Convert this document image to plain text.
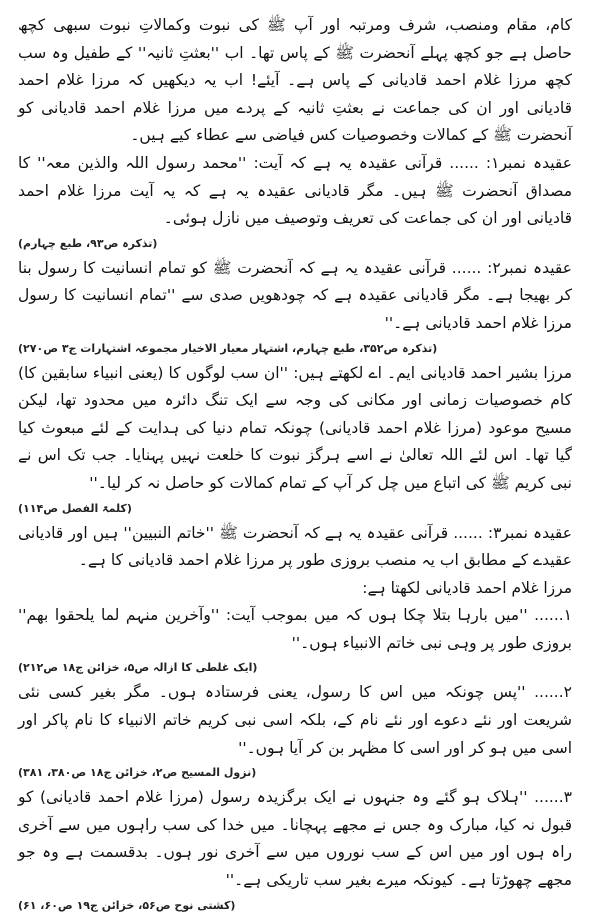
کام، مقام ومنصب، شرف ومرتبہ اور آپ ﷺ کی نبوت وکمالاتِ نبوت سبھی کچھ حاصل ہے جو کچھ پہلے آنحضرت ﷺ کے پاس تھا۔ اب ''بعثتِ ثانیہ'' کے طفیل وہ سب کچھ مرزا غلام احمد قادیانی کے پاس ہے۔ آیئے! اب یہ دیکھیں کہ مرزا غلام احمد قادیانی اور ان کی جماعت نے بعثتِ ثانیہ کے پردے میں مرزا غلام احمد قادیانی کو آنحضرت ﷺ کے کمالات وخصوصیات کس فیاضی سے عطاء کیے ہیں۔

عقیدہ نمبر۱: ...... قرآنی عقیدہ یہ ہے کہ آیت: ''محمد رسول اللہ والذین معہ'' کا مصداق آنحضرت ﷺ ہیں۔ مگر قادیانی عقیدہ یہ ہے کہ یہ آیت مرزا غلام احمد قادیانی اور ان کی جماعت کی تعریف وتوصیف میں نازل ہوئی۔

(تذکرہ ص۹۳، طبع چہارم)

عقیدہ نمبر۲: ...... قرآنی عقیدہ یہ ہے کہ آنحضرت ﷺ کو تمام انسانیت کا رسول بنا کر بھیجا ہے۔ مگر قادیانی عقیدہ ہے کہ چودھویں صدی سے ''تمام انسانیت کا رسول مرزا غلام احمد قادیانی ہے۔''

(تذکرہ ص۳۵۲، طبع چہارم، اشتہار معیار الاخیار مجموعہ اشتہارات ج۳ ص۲۷۰)

مرزا بشیر احمد قادیانی ایم۔ اے لکھتے ہیں: ''ان سب لوگوں کا (یعنی انبیاء سابقین کا) کام خصوصیات زمانی اور مکانی کی وجہ سے ایک تنگ دائرہ میں محدود تھا، لیکن مسیح موعود (مرزا غلام احمد قادیانی) چونکہ تمام دنیا کی ہدایت کے لئے مبعوث کیا گیا تھا۔ اس لئے اللہ تعالیٰ نے اسے ہرگز نبوت کا خلعت نہیں پہنایا۔ جب تک اس نے نبی کریم ﷺ کی اتباع میں چل کر آپ کے تمام کمالات کو حاصل نہ کر لیا۔''

(کلمۃ الفصل ص۱۱۴)

عقیدہ نمبر۳: ...... قرآنی عقیدہ یہ ہے کہ آنحضرت ﷺ ''خاتم النبیین'' ہیں اور قادیانی عقیدے کے مطابق اب یہ منصب بروزی طور پر مرزا غلام احمد قادیانی کا ہے۔

مرزا غلام احمد قادیانی لکھتا ہے:

۱...... ''میں بارہا بتلا چکا ہوں کہ میں بموجب آیت: ''وآخرین منہم لما یلحقوا بھم'' بروزی طور پر وہی نبی خاتم الانبیاء ہوں۔''

(ایک غلطی کا ازالہ ص۵، خزائن ج۱۸ ص۲۱۲)

۲...... ''پس چونکہ میں اس کا رسول، یعنی فرستادہ ہوں۔ مگر بغیر کسی نئی شریعت اور نئے دعوے اور نئے نام کے، بلکہ اسی نبی کریم خاتم الانبیاء کا نام پاکر اور اسی میں ہو کر اور اسی کا مظہر بن کر آیا ہوں۔''

(نزول المسیح ص۲، خزائن ج۱۸ ص۳۸۰، ۳۸۱)

۳...... ''ہلاک ہو گئے وہ جنہوں نے ایک برگزیدہ رسول (مرزا غلام احمد قادیانی) کو قبول نہ کیا، مبارک وہ جس نے مجھے پہچانا۔ میں خدا کی سب راہوں میں سے آخری راہ ہوں اور میں اس کے سب نوروں میں سے آخری نور ہوں۔ بدقسمت ہے وہ جو مجھے چھوڑتا ہے۔ کیونکہ میرے بغیر سب تاریکی ہے۔''

(کشتی نوح ص۵۶، خزائن ج۱۹ ص۶۰، ۶۱)
